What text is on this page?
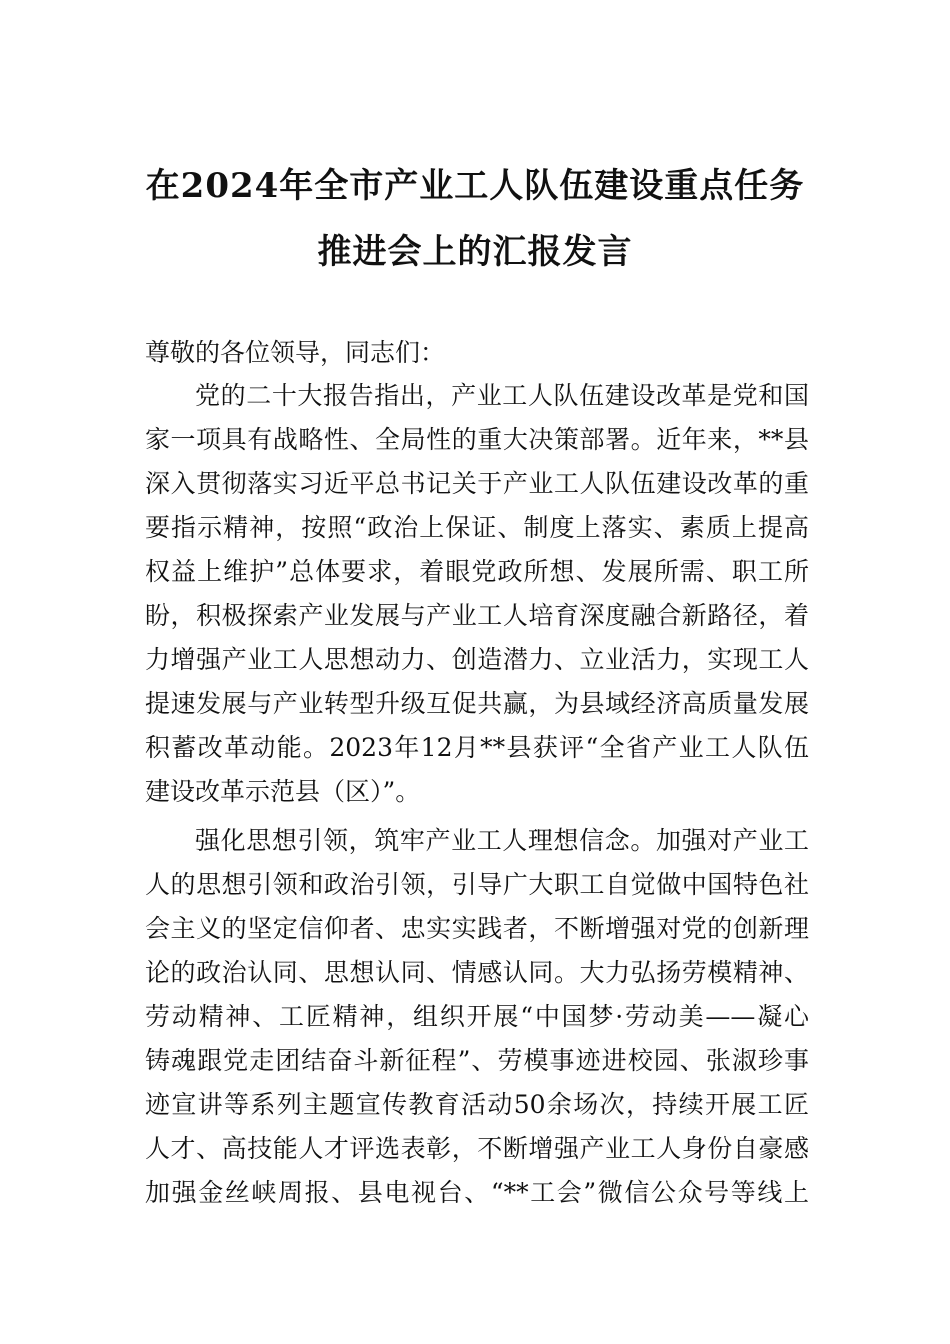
在2024年全市产业工人队伍建设重点任务
推进会上的汇报发言
尊敬的各位领导，同志们：
党的二十大报告指出，产业工人队伍建设改革是党和国
家一项具有战略性、全局性的重大决策部署。近年来，**县
深入贯彻落实习近平总书记关于产业工人队伍建设改革的重
要指示精神，按照“政治上保证、制度上落实、素质上提高
权益上维护”总体要求，着眼党政所想、发展所需、职工所
盼，积极探索产业发展与产业工人培育深度融合新路径，着
力增强产业工人思想动力、创造潜力、立业活力，实现工人
提速发展与产业转型升级互促共赢，为县域经济高质量发展
积蓄改革动能。2023年12月**县获评“全省产业工人队伍
建设改革示范县（区）”。
强化思想引领，筑牢产业工人理想信念。加强对产业工
人的思想引领和政治引领，引导广大职工自觉做中国特色社
会主义的坚定信仰者、忠实实践者，不断增强对党的创新理
论的政治认同、思想认同、情感认同。大力弘扬劳模精神、
劳动精神、工匠精神，组织开展“中国梦·劳动美——凝心
铸魂跟党走团结奋斗新征程”、劳模事迹进校园、张淑珍事
迹宣讲等系列主题宣传教育活动50余场次，持续开展工匠
人才、高技能人才评选表彰，不断增强产业工人身份自豪感
加强金丝峡周报、县电视台、“**工会”微信公众号等线上
